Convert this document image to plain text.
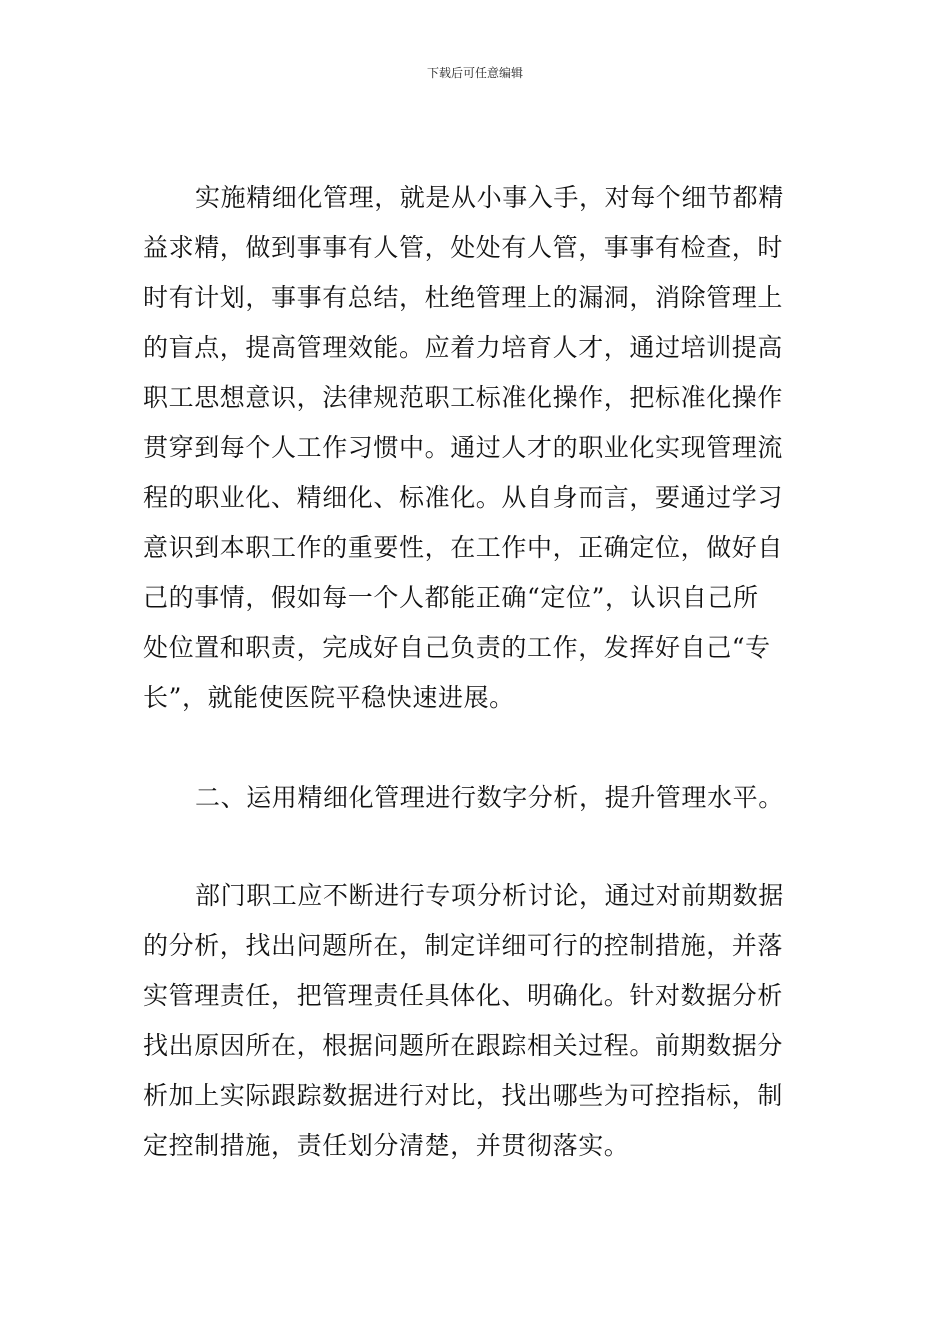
下载后可任意编辑
实施精细化管理，就是从小事入手，对每个细节都精
益求精，做到事事有人管，处处有人管，事事有检查，时
时有计划，事事有总结，杜绝管理上的漏洞，消除管理上
的盲点，提高管理效能。应着力培育人才，通过培训提高
职工思想意识，法律规范职工标准化操作，把标准化操作
贯穿到每个人工作习惯中。通过人才的职业化实现管理流
程的职业化、精细化、标准化。从自身而言，要通过学习
意识到本职工作的重要性，在工作中，正确定位，做好自
己的事情，假如每一个人都能正确“定位”，认识自己所
处位置和职责，完成好自己负责的工作，发挥好自己“专
长”，就能使医院平稳快速进展。
二、运用精细化管理进行数字分析，提升管理水平。
部门职工应不断进行专项分析讨论，通过对前期数据
的分析，找出问题所在，制定详细可行的控制措施，并落
实管理责任，把管理责任具体化、明确化。针对数据分析
找出原因所在，根据问题所在跟踪相关过程。前期数据分
析加上实际跟踪数据进行对比，找出哪些为可控指标，制
定控制措施，责任划分清楚，并贯彻落实。
